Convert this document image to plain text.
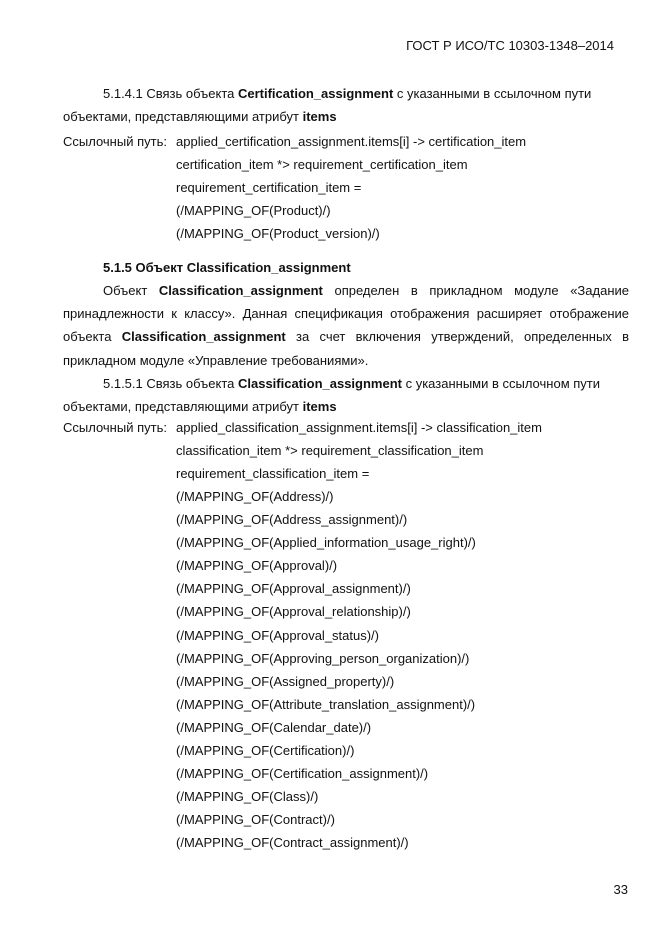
ГОСТ Р ИСО/ТС 10303-1348–2014
5.1.4.1 Связь объекта Certification_assignment с указанными в ссылочном пути объектами, представляющими атрибут items
Ссылочный путь: applied_certification_assignment.items[i] -> certification_item
certification_item *> requirement_certification_item
requirement_certification_item =
(/MAPPING_OF(Product)/)
(/MAPPING_OF(Product_version)/)
5.1.5 Объект Classification_assignment
Объект Classification_assignment определен в прикладном модуле «Задание принадлежности к классу». Данная спецификация отображения расширяет отображение объекта Classification_assignment за счет включения утверждений, определенных в прикладном модуле «Управление требованиями».
5.1.5.1 Связь объекта Classification_assignment с указанными в ссылочном пути объектами, представляющими атрибут items
Ссылочный путь: applied_classification_assignment.items[i] -> classification_item
classification_item *> requirement_classification_item
requirement_classification_item =
(/MAPPING_OF(Address)/)
(/MAPPING_OF(Address_assignment)/)
(/MAPPING_OF(Applied_information_usage_right)/)
(/MAPPING_OF(Approval)/)
(/MAPPING_OF(Approval_assignment)/)
(/MAPPING_OF(Approval_relationship)/)
(/MAPPING_OF(Approval_status)/)
(/MAPPING_OF(Approving_person_organization)/)
(/MAPPING_OF(Assigned_property)/)
(/MAPPING_OF(Attribute_translation_assignment)/)
(/MAPPING_OF(Calendar_date)/)
(/MAPPING_OF(Certification)/)
(/MAPPING_OF(Certification_assignment)/)
(/MAPPING_OF(Class)/)
(/MAPPING_OF(Contract)/)
(/MAPPING_OF(Contract_assignment)/)
33
